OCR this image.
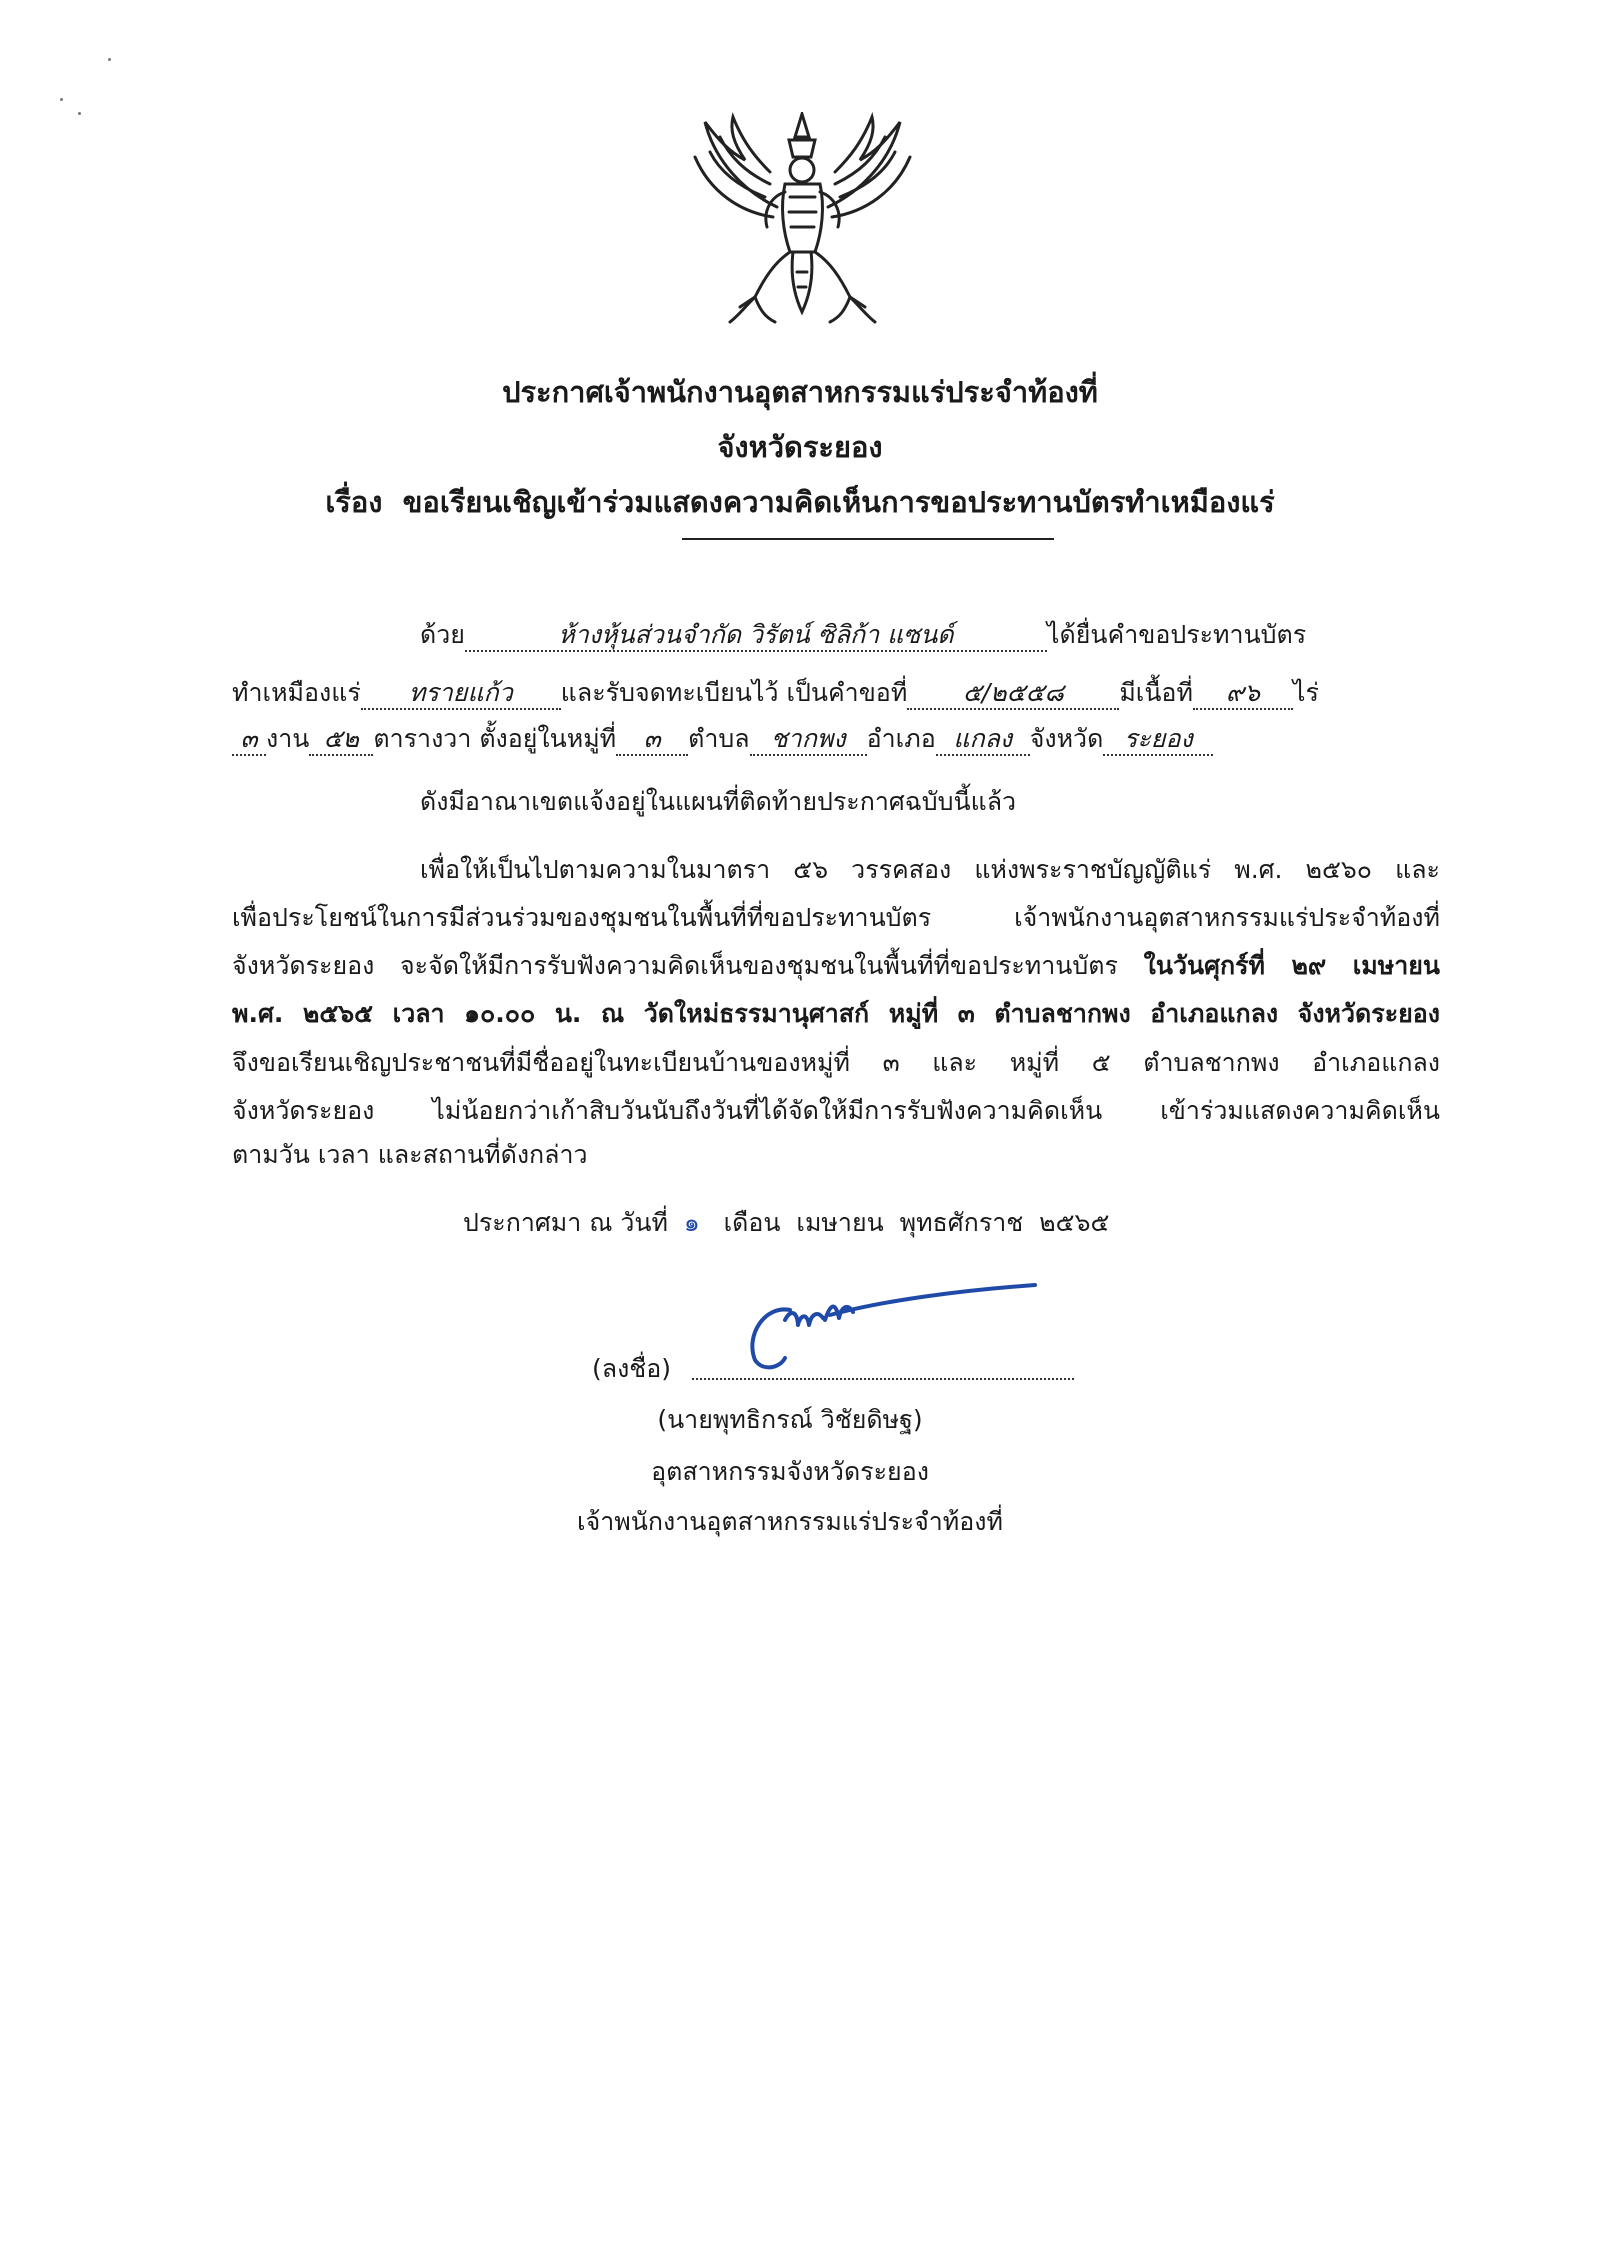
ประกาศเจ้าพนักงานอุตสาหกรรมแร่ประจำท้องที่
จังหวัดระยอง
เรื่อง ขอเรียนเชิญเข้าร่วมแสดงความคิดเห็นการขอประทานบัตรทำเหมืองแร่
ด้วย	ห้างหุ้นส่วนจำกัด วิรัตน์ ซิลิก้า แซนด์	ได้ยื่นคำขอประทานบัตร
ทำเหมืองแร่ ทรายแก้ว และรับจดทะเบียนไว้ เป็นคำขอที่ ๕/๒๕๕๘ มีเนื้อที่ ๙๖ ไร่
๓ งาน ๕๒ ตารางวา ตั้งอยู่ในหมู่ที่ ๓ ตำบล ชากพง อำเภอ แกลง จังหวัด ระยอง
ดังมีอาณาเขตแจ้งอยู่ในแผนที่ติดท้ายประกาศฉบับนี้แล้ว
เพื่อให้เป็นไปตามความในมาตรา ๕๖ วรรคสอง แห่งพระราชบัญญัติแร่ พ.ศ. ๒๕๖๐ และ
เพื่อประโยชน์ในการมีส่วนร่วมของชุมชนในพื้นที่ที่ขอประทานบัตร เจ้าพนักงานอุตสาหกรรมแร่ประจำท้องที่
จังหวัดระยอง จะจัดให้มีการรับฟังความคิดเห็นของชุมชนในพื้นที่ที่ขอประทานบัตร ในวันศุกร์ที่ ๒๙ เมษายน
พ.ศ. ๒๕๖๕ เวลา ๑๐.๐๐ น. ณ วัดใหม่ธรรมานุศาสก์ หมู่ที่ ๓ ตำบลชากพง อำเภอแกลง จังหวัดระยอง
จึงขอเรียนเชิญประชาชนที่มีชื่ออยู่ในทะเบียนบ้านของหมู่ที่ ๓ และ หมู่ที่ ๕ ตำบลชากพง อำเภอแกลง
จังหวัดระยอง ไม่น้อยกว่าเก้าสิบวันนับถึงวันที่ได้จัดให้มีการรับฟังความคิดเห็น เข้าร่วมแสดงความคิดเห็น
ตามวัน เวลา และสถานที่ดังกล่าว
ประกาศมา ณ วันที่ ๑ เดือน เมษายน พุทธศักราช ๒๕๖๕
(ลงชื่อ)
(นายพุทธิกรณ์ วิชัยดิษฐ)
อุตสาหกรรมจังหวัดระยอง
เจ้าพนักงานอุตสาหกรรมแร่ประจำท้องที่
